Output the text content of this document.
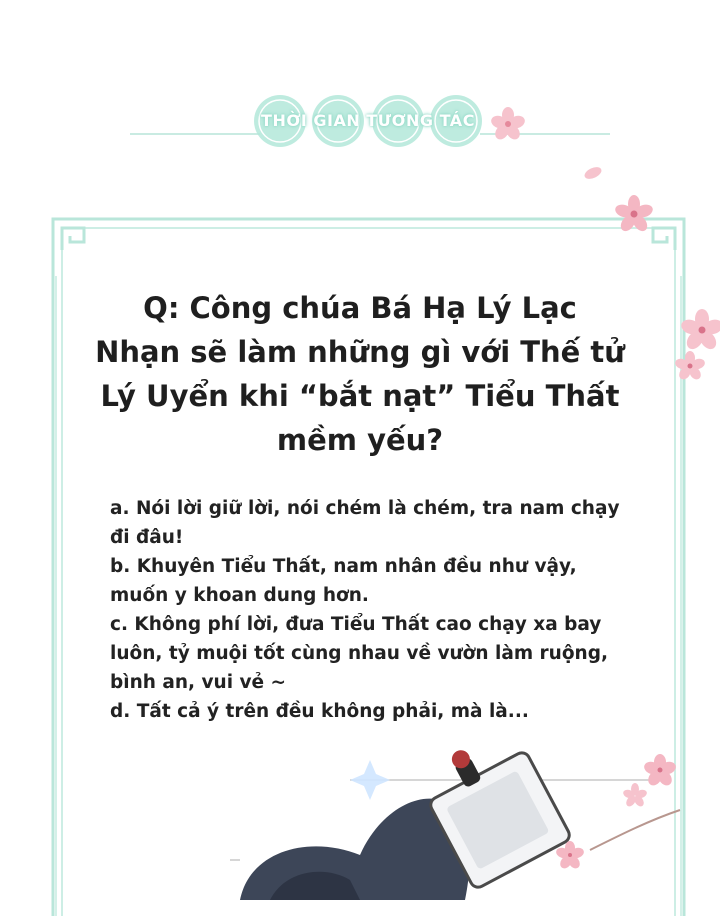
THỜI GIAN TƯƠNG TÁC
Q: Công chúa Bá Hạ Lý Lạc
Nhạn sẽ làm những gì với Thế tử
Lý Uyển khi “bắt nạt” Tiểu Thất
mềm yếu?
a. Nói lời giữ lời, nói chém là chém, tra nam chạy
đi đâu!
b. Khuyên Tiểu Thất, nam nhân đều như vậy,
muốn y khoan dung hơn.
c. Không phí lời, đưa Tiểu Thất cao chạy xa bay
luôn, tỷ muội tốt cùng nhau về vườn làm ruộng,
bình an, vui vẻ ~
d. Tất cả ý trên đều không phải, mà là...
